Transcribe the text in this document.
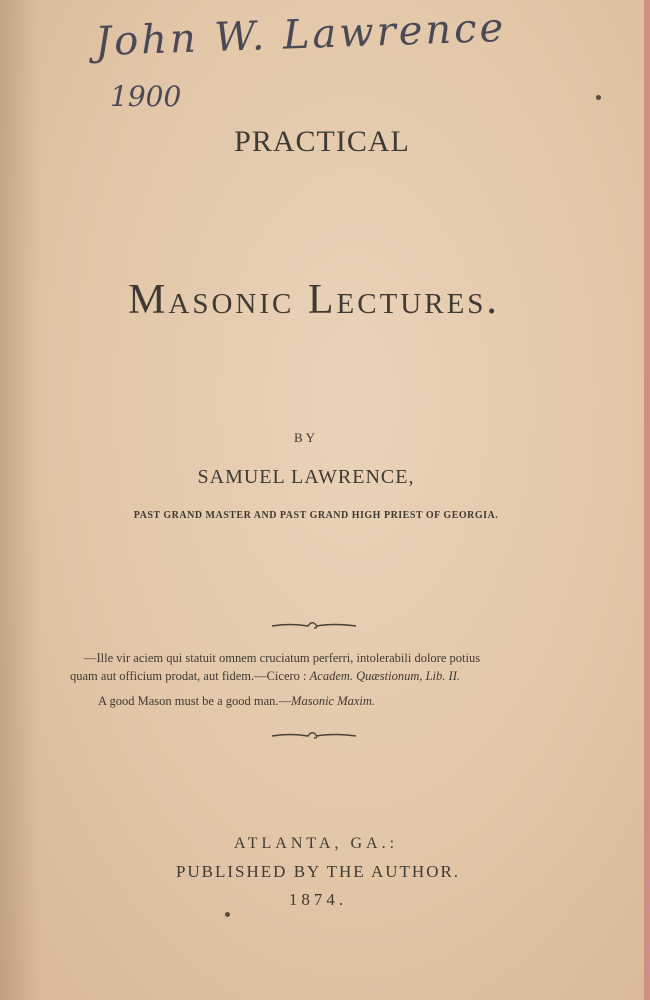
John W. Lawrence
1900
PRACTICAL
Masonic Lectures.
BY
SAMUEL LAWRENCE,
PAST GRAND MASTER AND PAST GRAND HIGH PRIEST OF GEORGIA.
—Ille vir aciem qui statuit omnem cruciatum perferri, intolerabili dolore potius
quam aut officium prodat, aut fidem.—Cicero : Academ. Quæstionum, Lib. II.
A good Mason must be a good man.—Masonic Maxim.
ATLANTA, GA.:
PUBLISHED BY THE AUTHOR.
1874.
